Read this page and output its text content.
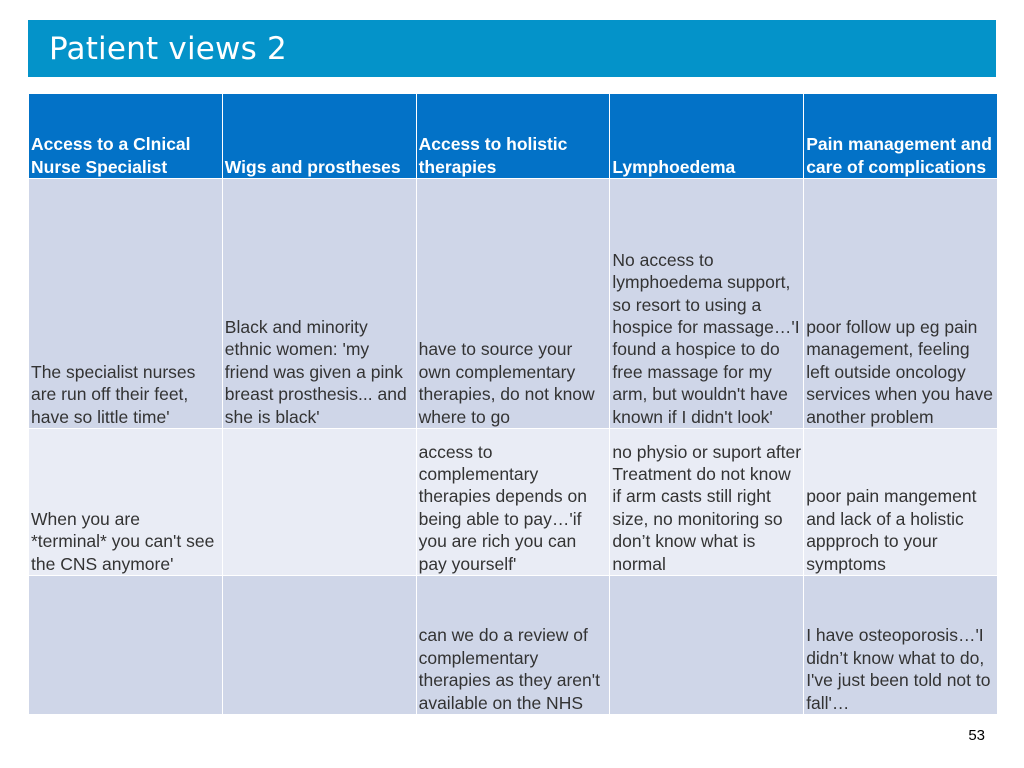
Patient views 2
Access to a Clnical Nurse Specialist	Wigs and prostheses	Access to holistic therapies	Lymphoedema	Pain management and care of complications
The specialist nurses are run off their feet, have so little time'	Black and minority ethnic women: 'my friend was given a pink breast prosthesis... and she is black'	have to source your own complementary therapies, do not know where to go	No access to lymphoedema support, so resort to using a hospice for massage…'I found a hospice to do free massage for my arm, but wouldn't have known if I didn't look'	poor follow up eg pain management, feeling left outside oncology services when you have another problem
When you are *terminal* you can't see the CNS anymore'		access to complementary therapies depends on being able to pay…'if you are rich you can pay yourself'	no physio or suport after Treatment do not know if arm casts still right size, no monitoring so don’t know what is normal	poor pain mangement and lack of a holistic appproch to your symptoms
		can we do a review of complementary therapies as they aren't available on the NHS		I have osteoporosis…'I didn’t know what to do, I've just been told not to fall'…
53
